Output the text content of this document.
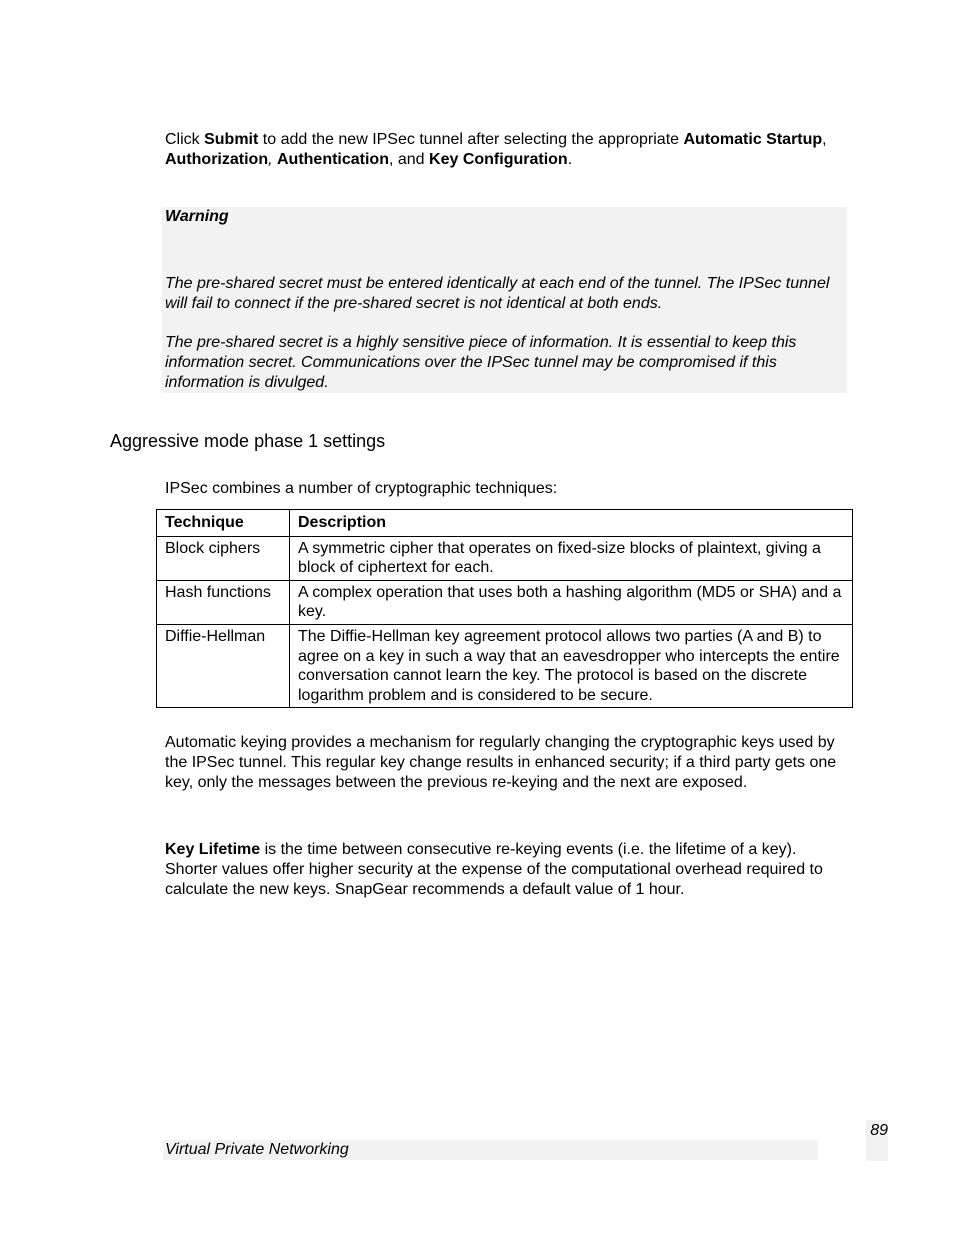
Click Submit to add the new IPSec tunnel after selecting the appropriate Automatic Startup, Authorization, Authentication, and Key Configuration.

Warning

The pre-shared secret must be entered identically at each end of the tunnel. The IPSec tunnel will fail to connect if the pre-shared secret is not identical at both ends.

The pre-shared secret is a highly sensitive piece of information. It is essential to keep this information secret. Communications over the IPSec tunnel may be compromised if this information is divulged.

Aggressive mode phase 1 settings

IPSec combines a number of cryptographic techniques:

Technique	Description
Block ciphers	A symmetric cipher that operates on fixed-size blocks of plaintext, giving a block of ciphertext for each.
Hash functions	A complex operation that uses both a hashing algorithm (MD5 or SHA) and a key.
Diffie-Hellman	The Diffie-Hellman key agreement protocol allows two parties (A and B) to agree on a key in such a way that an eavesdropper who intercepts the entire conversation cannot learn the key. The protocol is based on the discrete logarithm problem and is considered to be secure.

Automatic keying provides a mechanism for regularly changing the cryptographic keys used by the IPSec tunnel. This regular key change results in enhanced security; if a third party gets one key, only the messages between the previous re-keying and the next are exposed.

Key Lifetime is the time between consecutive re-keying events (i.e. the lifetime of a key). Shorter values offer higher security at the expense of the computational overhead required to calculate the new keys. SnapGear recommends a default value of 1 hour.

Virtual Private Networking

89
